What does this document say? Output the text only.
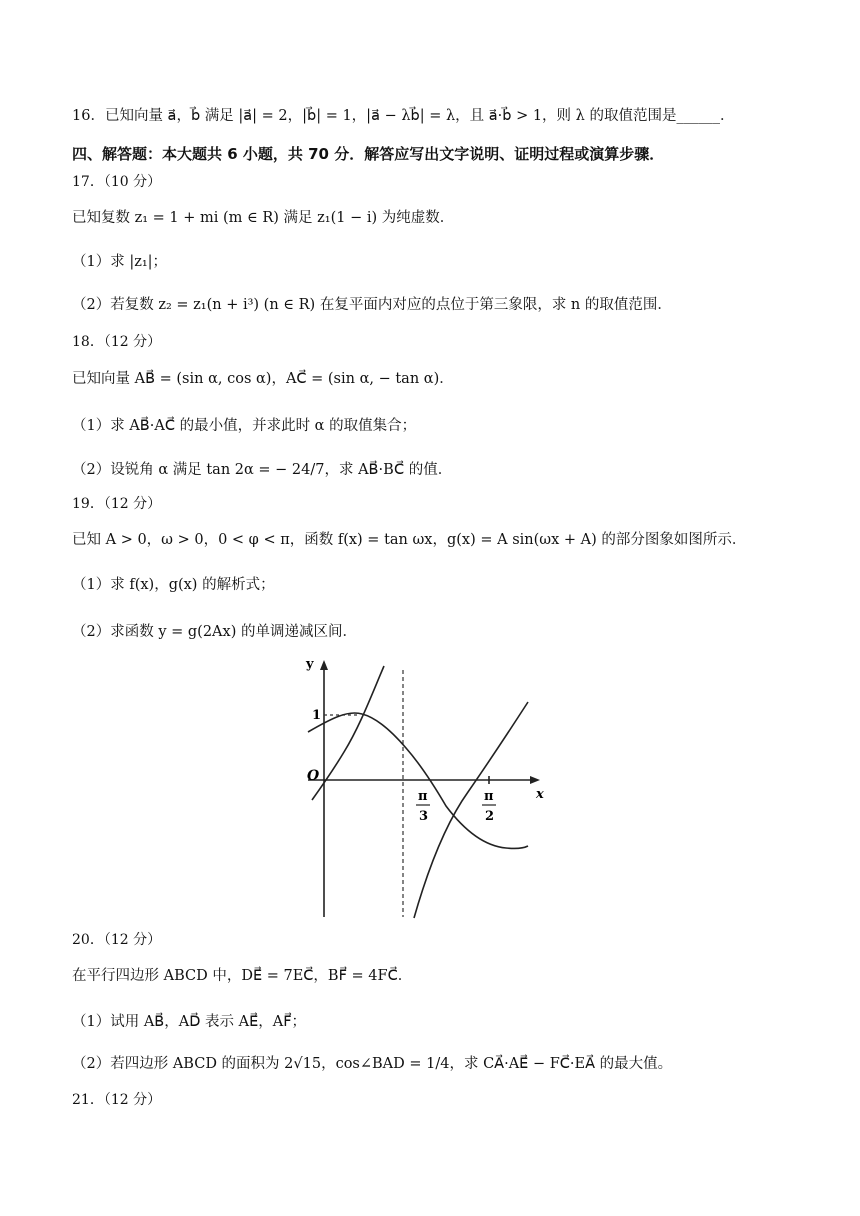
16．已知向量 a⃗，b⃗ 满足 |a⃗| = 2，|b⃗| = 1，|a⃗ − λb⃗| = λ，且 a⃗·b⃗ > 1，则 λ 的取值范围是______．
四、解答题：本大题共 6 小题，共 70 分．解答应写出文字说明、证明过程或演算步骤．
17．（10 分）
已知复数 z₁ = 1 + mi (m ∈ R) 满足 z₁(1 − i) 为纯虚数．
（1）求 |z₁|；
（2）若复数 z₂ = z₁(n + i³) (n ∈ R) 在复平面内对应的点位于第三象限，求 n 的取值范围．
18．（12 分）
已知向量 AB⃗ = (sin α, cos α)，AC⃗ = (sin α, − tan α)．
（1）求 AB⃗·AC⃗ 的最小值，并求此时 α 的取值集合；
（2）设锐角 α 满足 tan 2α = − 24/7，求 AB⃗·BC⃗ 的值．
19．（12 分）
已知 A > 0，ω > 0，0 < φ < π，函数 f(x) = tan ωx，g(x) = A sin(ωx + A) 的部分图象如图所示．
（1）求 f(x)，g(x) 的解析式；
（2）求函数 y = g(2Ax) 的单调递减区间．
y
x
O
1
π
3
π
2
20．（12 分）
在平行四边形 ABCD 中，DE⃗ = 7EC⃗，BF⃗ = 4FC⃗．
（1）试用 AB⃗，AD⃗ 表示 AE⃗，AF⃗；
（2）若四边形 ABCD 的面积为 2√15，cos∠BAD = 1/4，求 CA⃗·AE⃗ − FC⃗·EA⃗ 的最大值。
21．（12 分）
